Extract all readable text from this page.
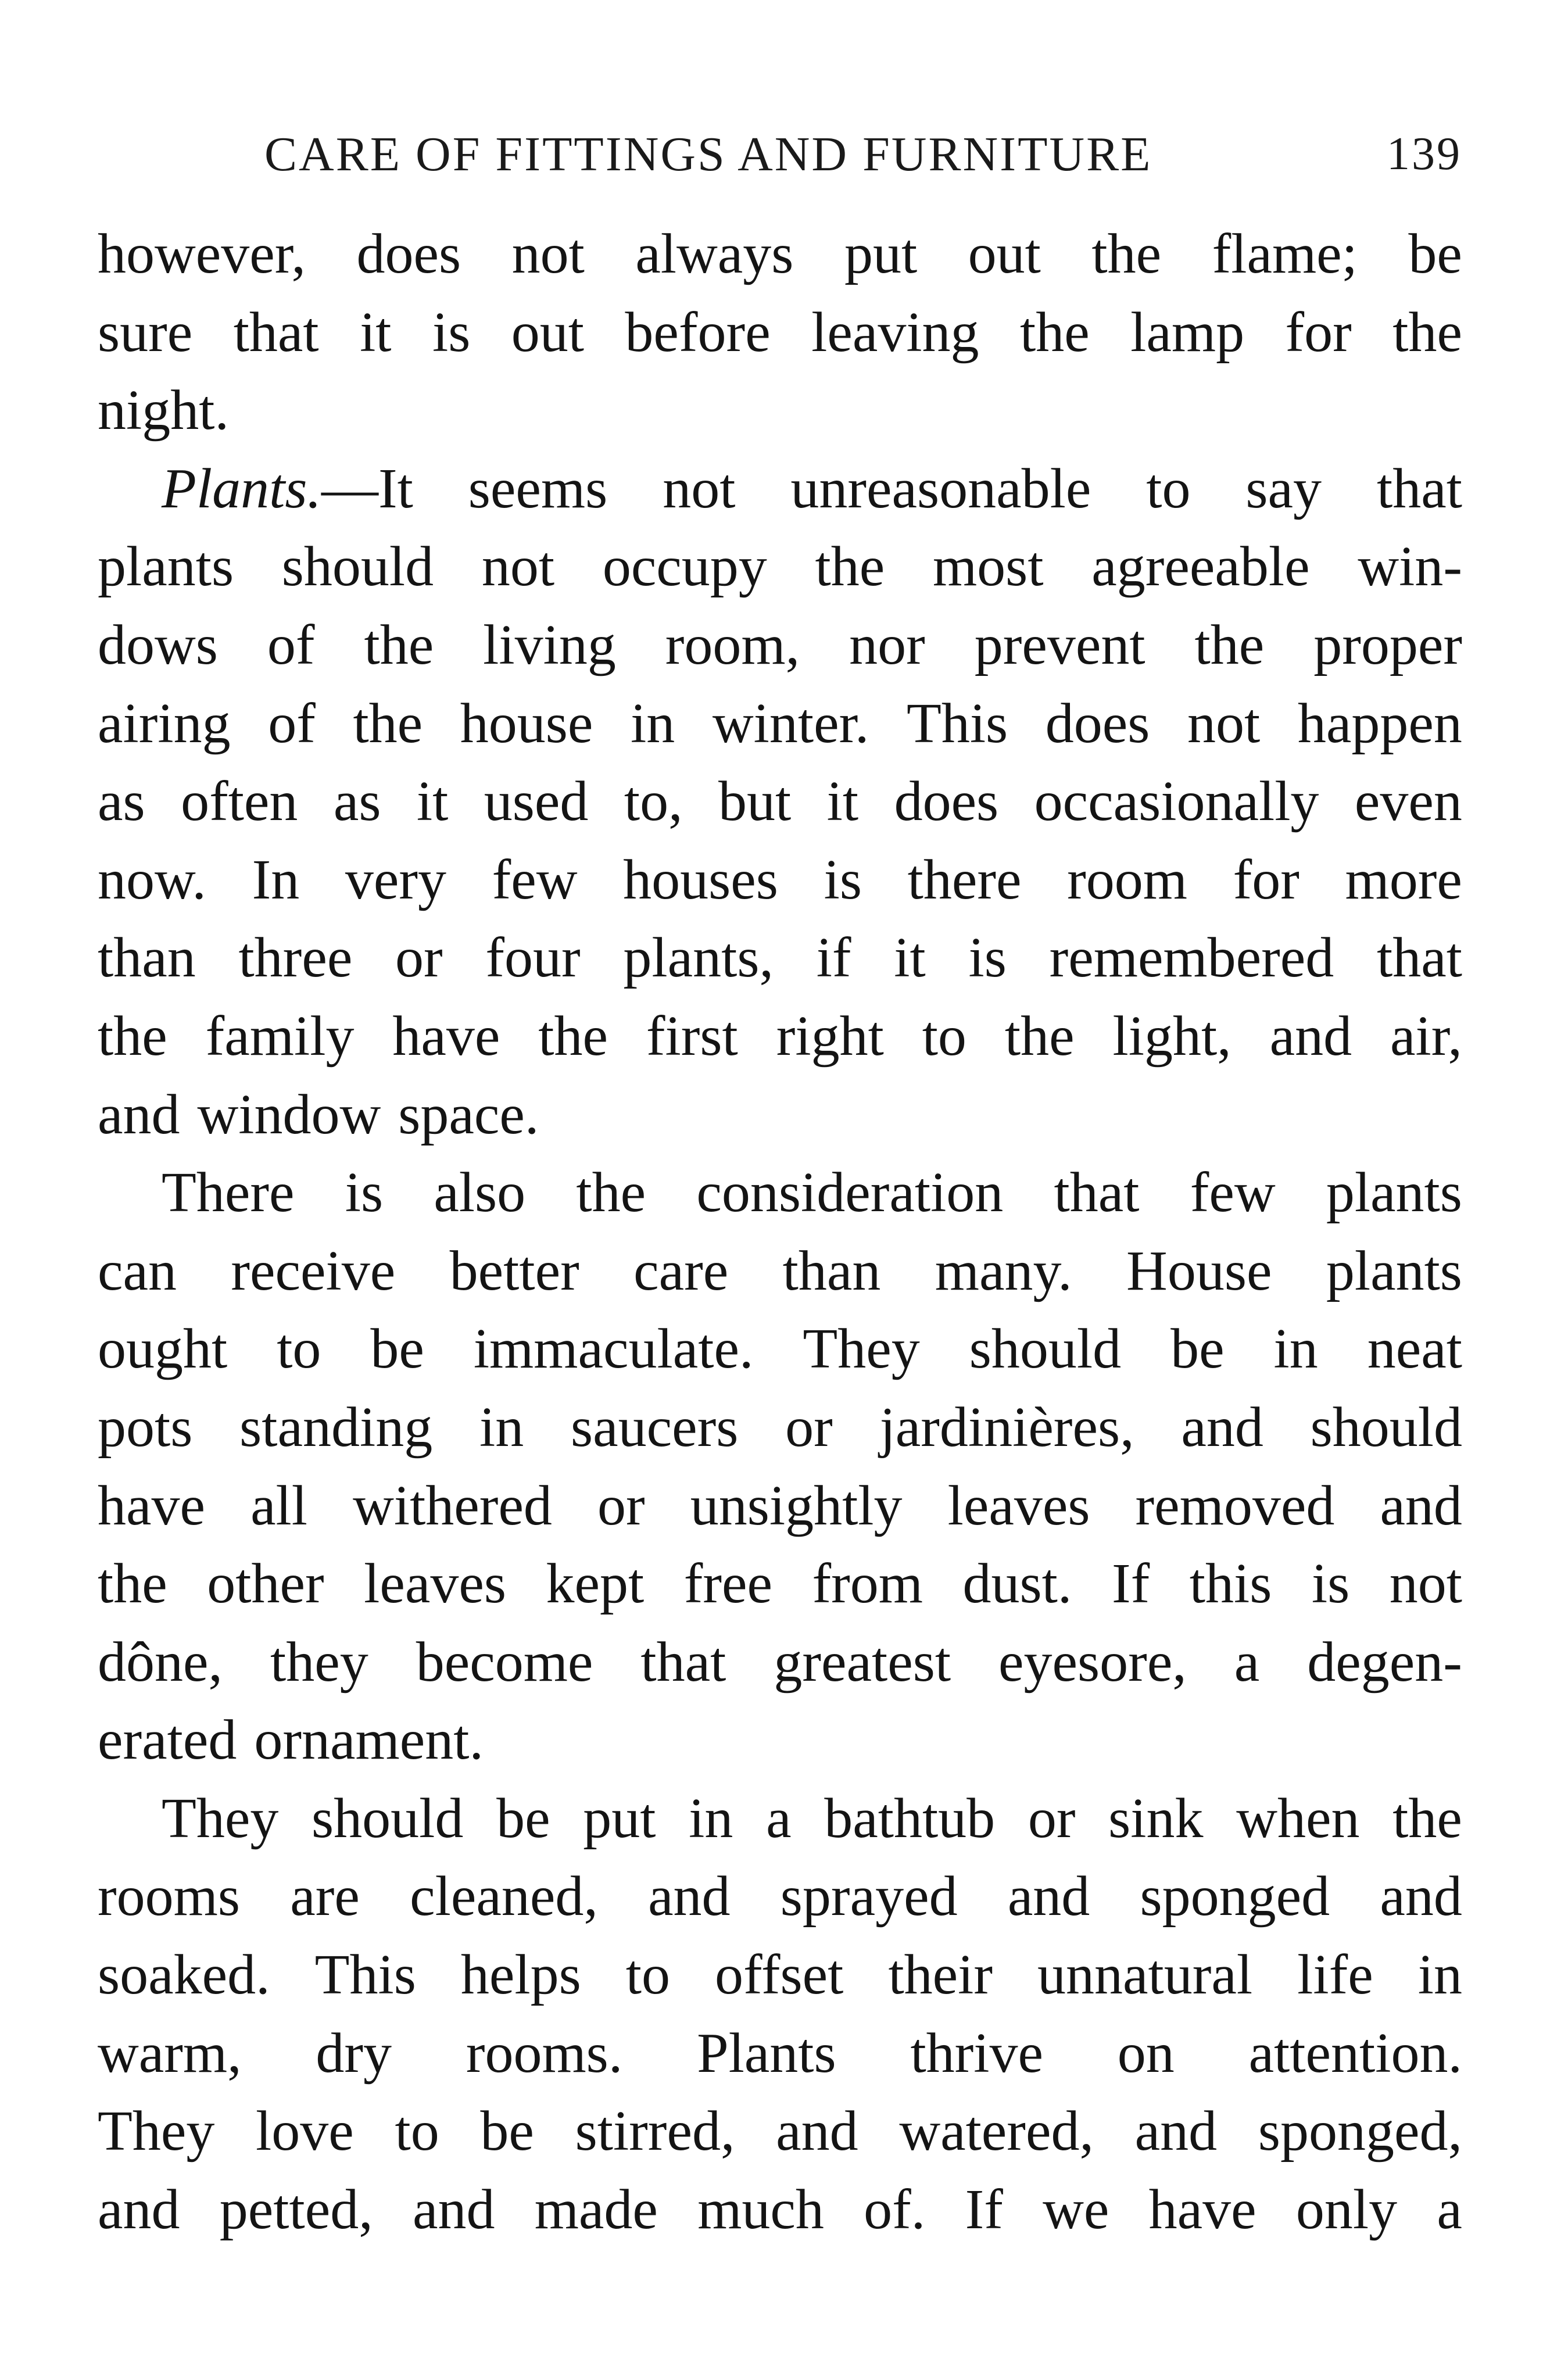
CARE OF FITTINGS AND FURNITURE	139
however, does not always put out the flame; be
sure that it is out before leaving the lamp for the
night.
Plants.—It seems not unreasonable to say that
plants should not occupy the most agreeable win-
dows of the living room, nor prevent the proper
airing of the house in winter. This does not happen
as often as it used to, but it does occasionally even
now. In very few houses is there room for more
than three or four plants, if it is remembered that
the family have the first right to the light, and air,
and window space.
There is also the consideration that few plants
can receive better care than many. House plants
ought to be immaculate. They should be in neat
pots standing in saucers or jardinières, and should
have all withered or unsightly leaves removed and
the other leaves kept free from dust. If this is not
dône, they become that greatest eyesore, a degen-
erated ornament.
They should be put in a bathtub or sink when the
rooms are cleaned, and sprayed and sponged and
soaked. This helps to offset their unnatural life in
warm, dry rooms. Plants thrive on attention.
They love to be stirred, and watered, and sponged,
and petted, and made much of. If we have only a
